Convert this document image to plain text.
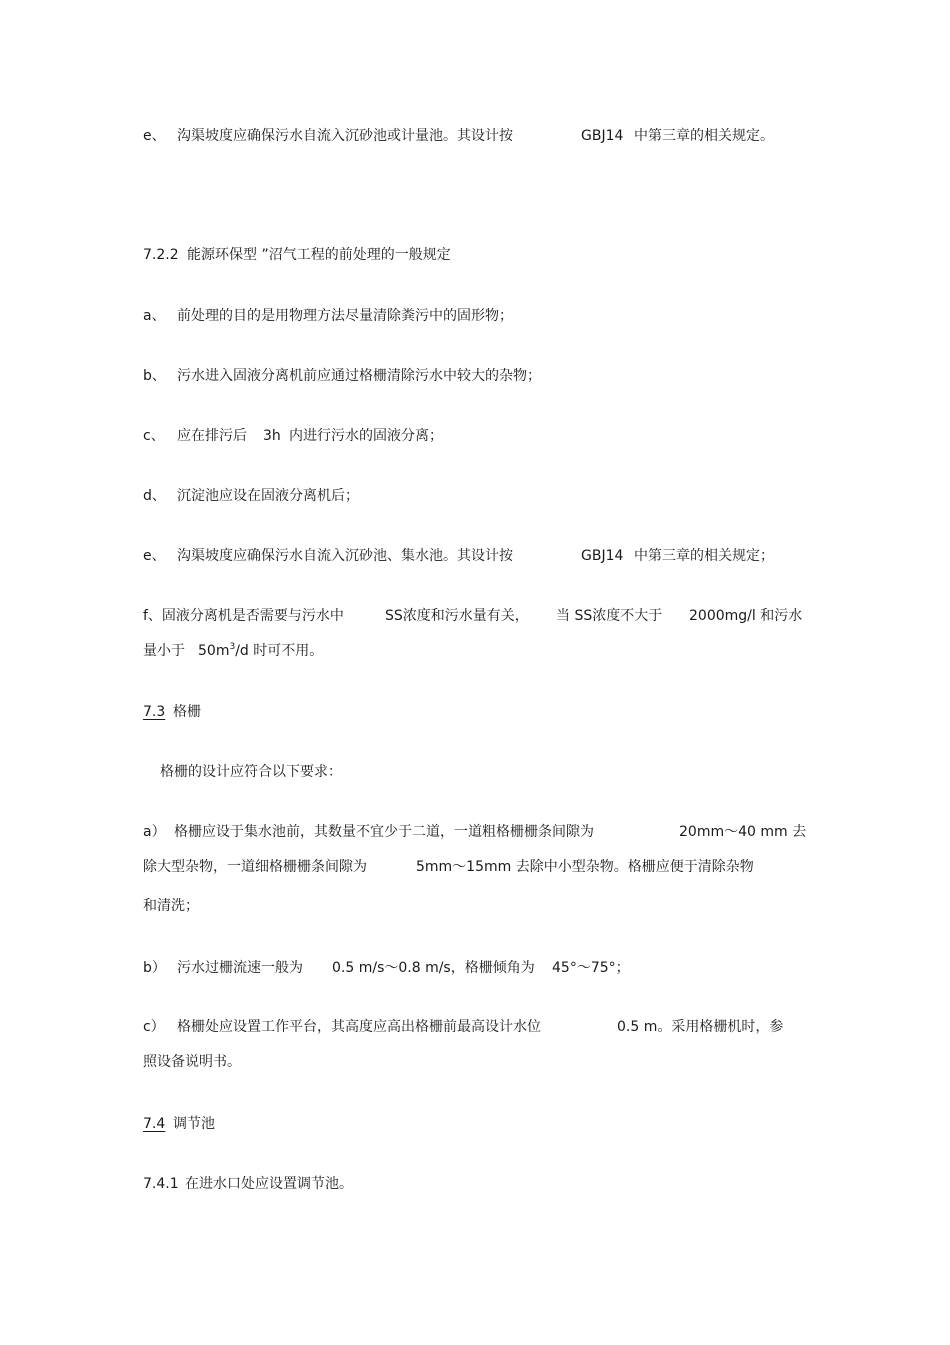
e、 沟渠坡度应确保污水自流入沉砂池或计量池。其设计按	GBJ14 中第三章的相关规定。
7.2.2 能源环保型 ”沼气工程的前处理的一般规定
a、 前处理的目的是用物理方法尽量清除粪污中的固形物；
b、 污水进入固液分离机前应通过格栅清除污水中较大的杂物；
c、 应在排污后 3h 内进行污水的固液分离；
d、 沉淀池应设在固液分离机后；
e、 沟渠坡度应确保污水自流入沉砂池、集水池。其设计按	GBJ14 中第三章的相关规定；
f、固液分离机是否需要与污水中	SS浓度和污水量有关， 当 SS浓度不大于 2000mg/l 和污水
量小于 $50m^3/d$ 时可不用。
7.3 格栅
格栅的设计应符合以下要求：
a） 格栅应设于集水池前，其数量不宜少于二道，一道粗格栅栅条间隙为	20mm～40 mm 去
除大型杂物，一道细格栅栅条间隙为	5mm～15mm 去除中小型杂物。格栅应便于清除杂物
和清洗；
b） 污水过栅流速一般为 0.5 m/s～0.8 m/s，格栅倾角为 45°～75°；
c） 格栅处应设置工作平台，其高度应高出格栅前最高设计水位	0.5 m。采用格栅机时，参
照设备说明书。
7.4 调节池
7.4.1 在进水口处应设置调节池。
